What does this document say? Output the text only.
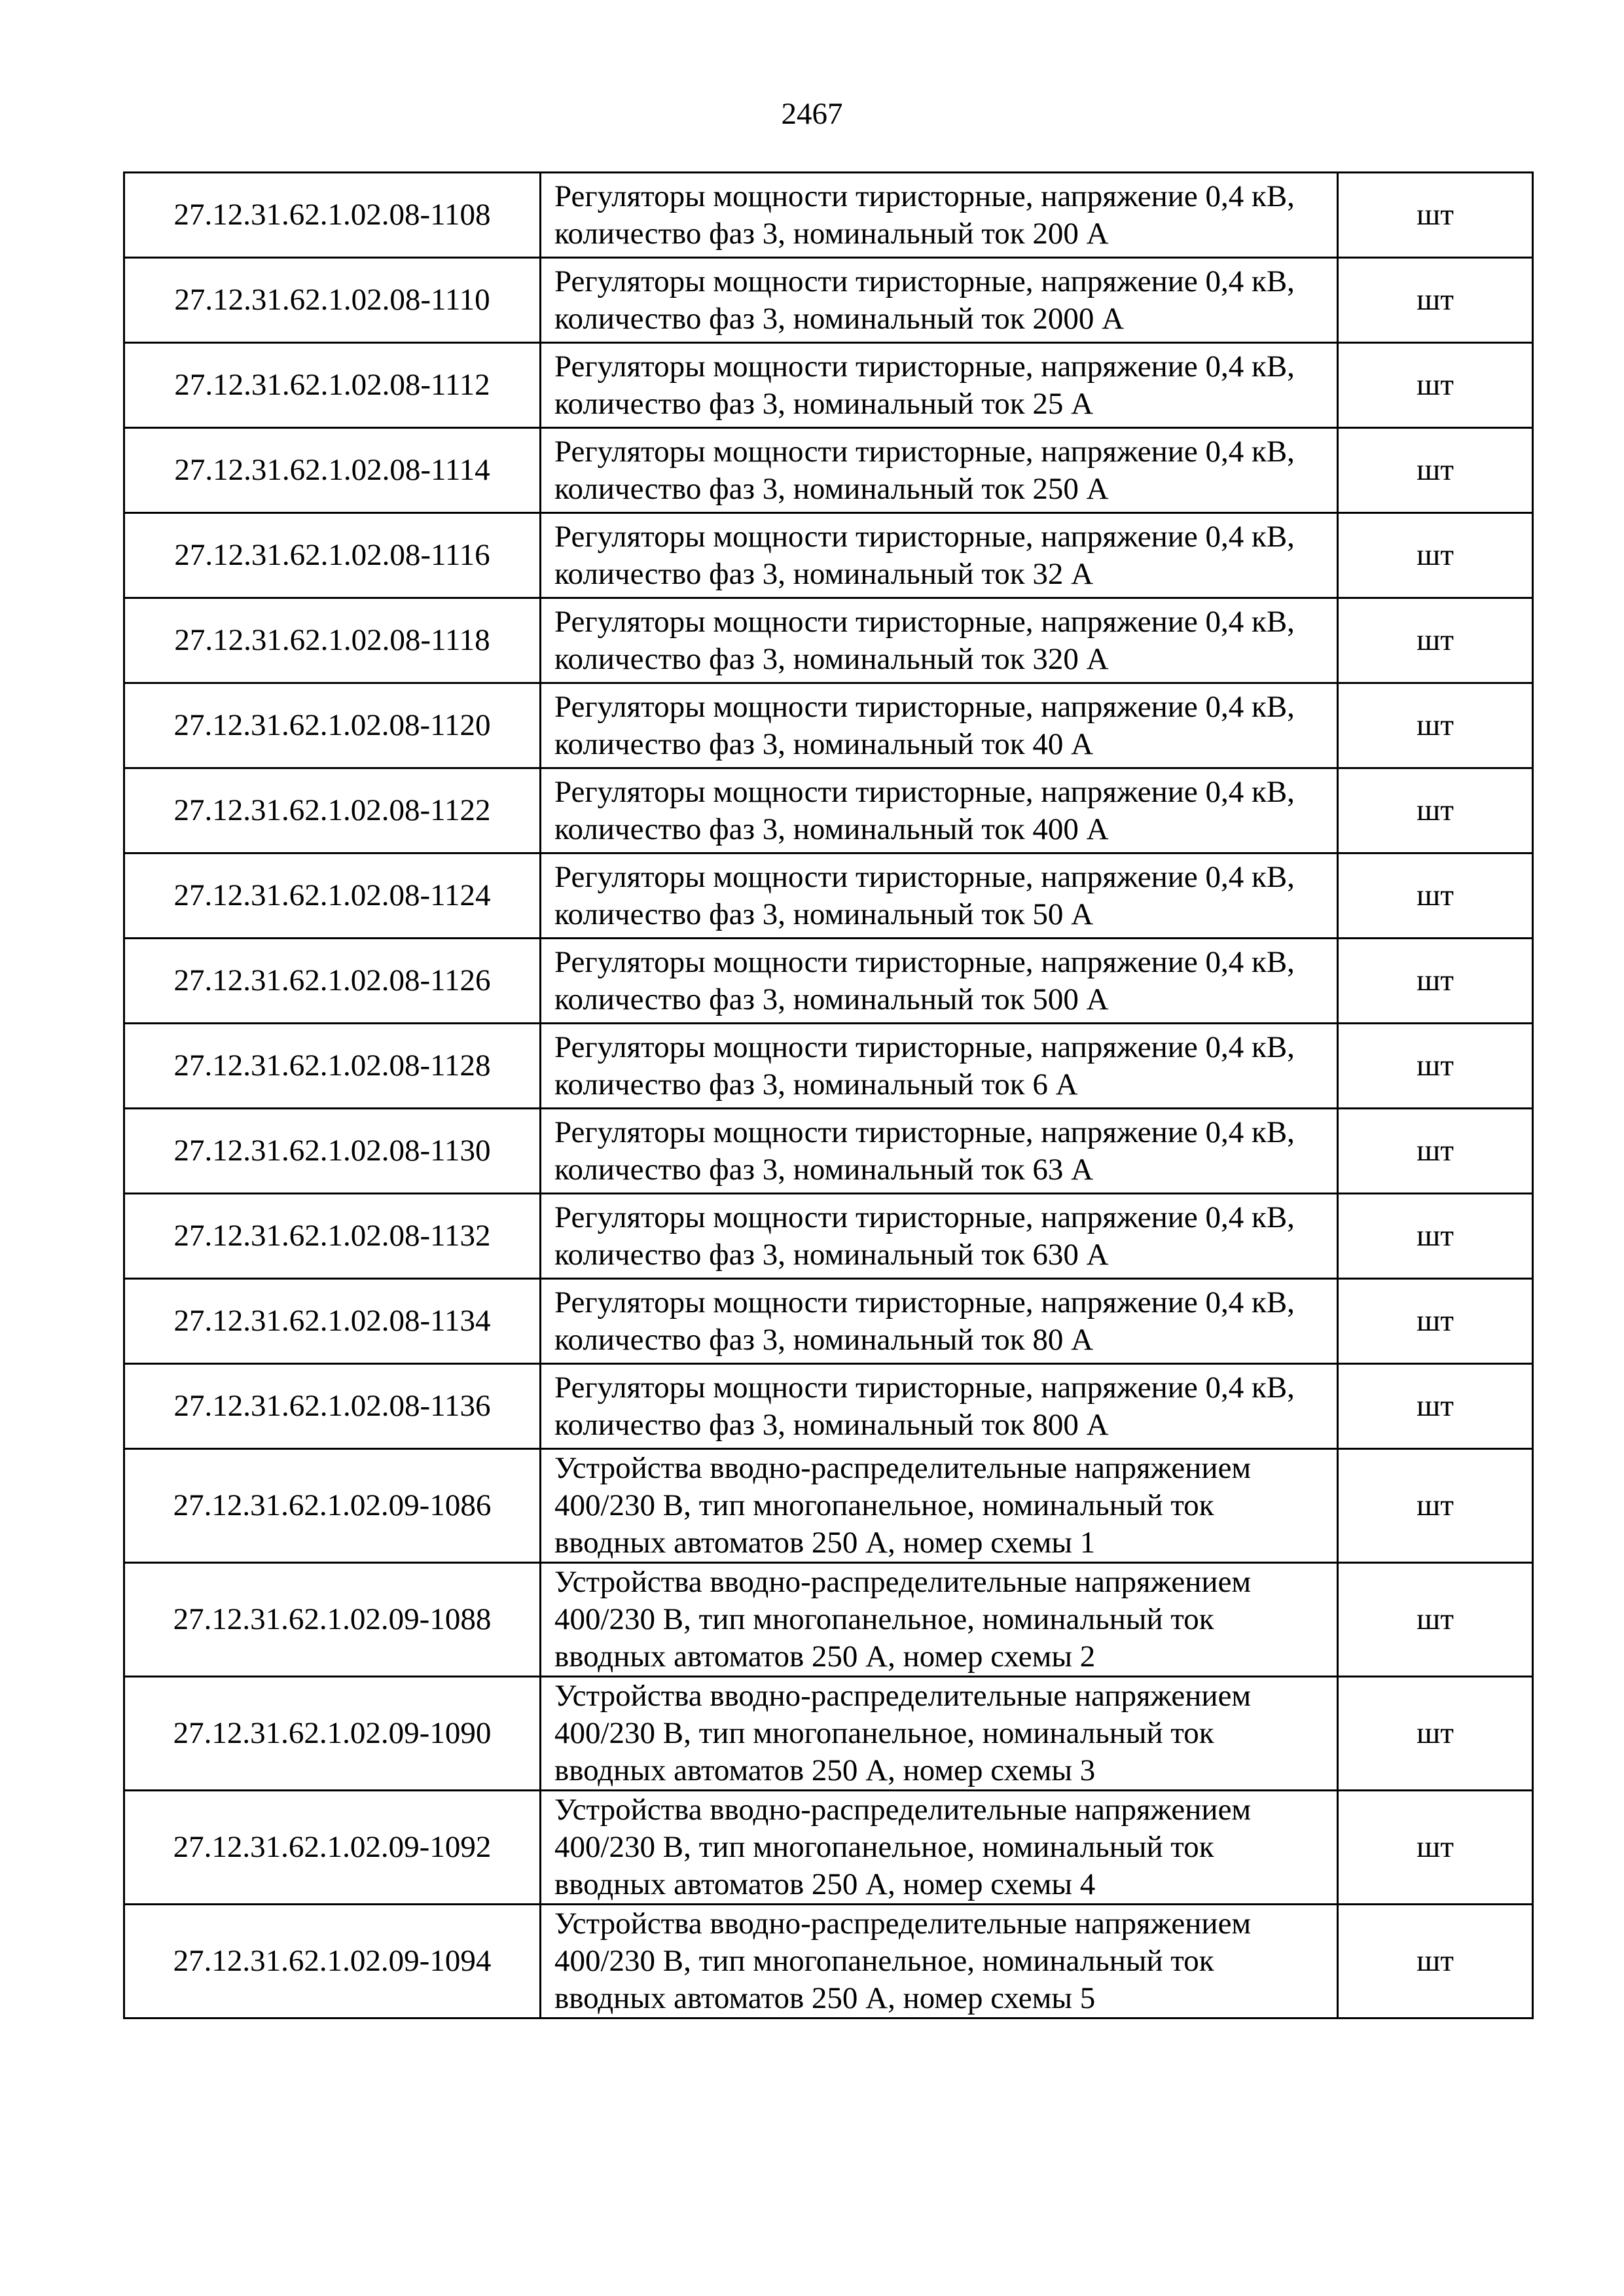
2467
27.12.31.62.1.02.08-1108	Регуляторы мощности тиристорные, напряжение 0,4 кВ, количество фаз 3, номинальный ток 200 А	шт
27.12.31.62.1.02.08-1110	Регуляторы мощности тиристорные, напряжение 0,4 кВ, количество фаз 3, номинальный ток 2000 А	шт
27.12.31.62.1.02.08-1112	Регуляторы мощности тиристорные, напряжение 0,4 кВ, количество фаз 3, номинальный ток 25 А	шт
27.12.31.62.1.02.08-1114	Регуляторы мощности тиристорные, напряжение 0,4 кВ, количество фаз 3, номинальный ток 250 А	шт
27.12.31.62.1.02.08-1116	Регуляторы мощности тиристорные, напряжение 0,4 кВ, количество фаз 3, номинальный ток 32 А	шт
27.12.31.62.1.02.08-1118	Регуляторы мощности тиристорные, напряжение 0,4 кВ, количество фаз 3, номинальный ток 320 А	шт
27.12.31.62.1.02.08-1120	Регуляторы мощности тиристорные, напряжение 0,4 кВ, количество фаз 3, номинальный ток 40 А	шт
27.12.31.62.1.02.08-1122	Регуляторы мощности тиристорные, напряжение 0,4 кВ, количество фаз 3, номинальный ток 400 А	шт
27.12.31.62.1.02.08-1124	Регуляторы мощности тиристорные, напряжение 0,4 кВ, количество фаз 3, номинальный ток 50 А	шт
27.12.31.62.1.02.08-1126	Регуляторы мощности тиристорные, напряжение 0,4 кВ, количество фаз 3, номинальный ток 500 А	шт
27.12.31.62.1.02.08-1128	Регуляторы мощности тиристорные, напряжение 0,4 кВ, количество фаз 3, номинальный ток 6 А	шт
27.12.31.62.1.02.08-1130	Регуляторы мощности тиристорные, напряжение 0,4 кВ, количество фаз 3, номинальный ток 63 А	шт
27.12.31.62.1.02.08-1132	Регуляторы мощности тиристорные, напряжение 0,4 кВ, количество фаз 3, номинальный ток 630 А	шт
27.12.31.62.1.02.08-1134	Регуляторы мощности тиристорные, напряжение 0,4 кВ, количество фаз 3, номинальный ток 80 А	шт
27.12.31.62.1.02.08-1136	Регуляторы мощности тиристорные, напряжение 0,4 кВ, количество фаз 3, номинальный ток 800 А	шт
27.12.31.62.1.02.09-1086	Устройства вводно-распределительные напряжением 400/230 В, тип многопанельное, номинальный ток вводных автоматов 250 А, номер схемы 1	шт
27.12.31.62.1.02.09-1088	Устройства вводно-распределительные напряжением 400/230 В, тип многопанельное, номинальный ток вводных автоматов 250 А, номер схемы 2	шт
27.12.31.62.1.02.09-1090	Устройства вводно-распределительные напряжением 400/230 В, тип многопанельное, номинальный ток вводных автоматов 250 А, номер схемы 3	шт
27.12.31.62.1.02.09-1092	Устройства вводно-распределительные напряжением 400/230 В, тип многопанельное, номинальный ток вводных автоматов 250 А, номер схемы 4	шт
27.12.31.62.1.02.09-1094	Устройства вводно-распределительные напряжением 400/230 В, тип многопанельное, номинальный ток вводных автоматов 250 А, номер схемы 5	шт
